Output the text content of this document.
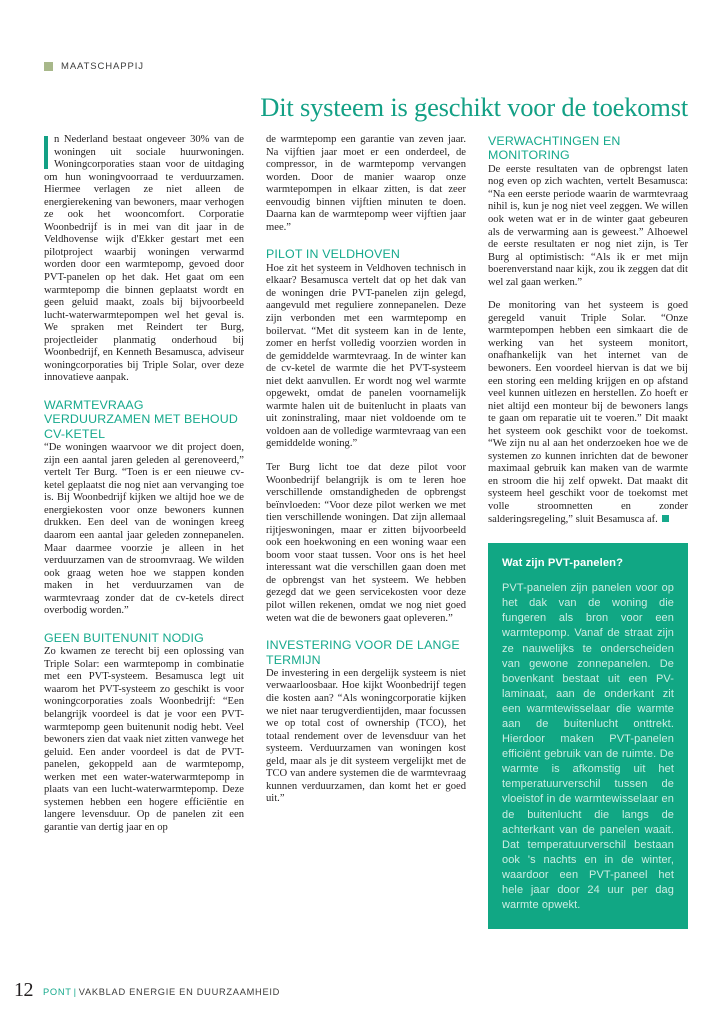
MAATSCHAPPIJ
Dit systeem is geschikt voor de toekomst

n Nederland bestaat ongeveer 30% van de woningen uit sociale huurwoningen. Woningcorporaties staan voor de uitdaging om hun woningvoorraad te verduurzamen. Hiermee verlagen ze niet alleen de energierekening van bewoners, maar verhogen ze ook het wooncomfort. Corporatie Woonbedrijf is in mei van dit jaar in de Veldhovense wijk d'Ekker gestart met een pilotproject waarbij woningen verwarmd worden door een warmtepomp, gevoed door PVT-panelen op het dak. Het gaat om een warmtepomp die binnen geplaatst wordt en geen geluid maakt, zoals bij bijvoorbeeld lucht-waterwarmtepompen wel het geval is. We spraken met Reindert ter Burg, projectleider planmatig onderhoud bij Woonbedrijf, en Kenneth Besamusca, adviseur woningcorporaties bij Triple Solar, over deze innovatieve aanpak.

WARMTEVRAAG VERDUURZAMEN MET BEHOUD CV-KETEL

“De woningen waarvoor we dit project doen, zijn een aantal jaren geleden al gerenoveerd,” vertelt Ter Burg. “Toen is er een nieuwe cv-ketel geplaatst die nog niet aan vervanging toe is. Bij Woonbedrijf kijken we altijd hoe we de energiekosten voor onze bewoners kunnen drukken. Een deel van de woningen kreeg daarom een aantal jaar geleden zonnepanelen. Maar daarmee voorzie je alleen in het verduurzamen van de stroomvraag. We wilden ook graag weten hoe we stappen konden maken in het verduurzamen van de warmtevraag zonder dat de cv-ketels direct overbodig worden.”

GEEN BUITENUNIT NODIG

Zo kwamen ze terecht bij een oplossing van Triple Solar: een warmtepomp in combinatie met een PVT-systeem. Besamusca legt uit waarom het PVT-systeem zo geschikt is voor woningcorporaties zoals Woonbedrijf: “Een belangrijk voordeel is dat je voor een PVT-warmtepomp geen buitenunit nodig hebt. Veel bewoners zien dat vaak niet zitten vanwege het geluid. Een ander voordeel is dat de PVT-panelen, gekoppeld aan de warmtepomp, werken met een water-waterwarmtepomp in plaats van een lucht-waterwarmtepomp. Deze systemen hebben een hogere efficiëntie en langere levensduur. Op de panelen zit een garantie van dertig jaar en op

de warmtepomp een garantie van zeven jaar. Na vijftien jaar moet er een onderdeel, de compressor, in de warmtepomp vervangen worden. Door de manier waarop onze warmtepompen in elkaar zitten, is dat zeer eenvoudig binnen vijftien minuten te doen. Daarna kan de warmtepomp weer vijftien jaar mee.”

PILOT IN VELDHOVEN

Hoe zit het systeem in Veldhoven technisch in elkaar? Besamusca vertelt dat op het dak van de woningen drie PVT-panelen zijn gelegd, aangevuld met reguliere zonnepanelen. Deze zijn verbonden met een warmtepomp en boilervat. “Met dit systeem kan in de lente, zomer en herfst volledig voorzien worden in de gemiddelde warmtevraag. In de winter kan de cv-ketel de warmte die het PVT-systeem niet dekt aanvullen. Er wordt nog wel warmte opgewekt, omdat de panelen voornamelijk warmte halen uit de buitenlucht in plaats van uit zoninstraling, maar niet voldoende om te voldoen aan de volledige warmtevraag van een gemiddelde woning.”

Ter Burg licht toe dat deze pilot voor Woonbedrijf belangrijk is om te leren hoe verschillende omstandigheden de opbrengst beïnvloeden: “Voor deze pilot werken we met tien verschillende woningen. Dat zijn allemaal rijtjeswoningen, maar er zitten bijvoorbeeld ook een hoekwoning en een woning waar een boom voor staat tussen. Voor ons is het heel interessant wat die verschillen gaan doen met de opbrengst van het systeem. We hebben gezegd dat we geen servicekosten voor deze pilot willen rekenen, omdat we nog niet goed weten wat die de bewoners gaat opleveren.”

INVESTERING VOOR DE LANGE TERMIJN

De investering in een dergelijk systeem is niet verwaarloosbaar. Hoe kijkt Woonbedrijf tegen die kosten aan? “Als woningcorporatie kijken we niet naar terugverdientijden, maar focussen we op total cost of ownership (TCO), het totaal rendement over de levensduur van het systeem. Verduurzamen van woningen kost geld, maar als je dit systeem vergelijkt met de TCO van andere systemen die de warmtevraag kunnen verduurzamen, dan komt het er goed uit.”

VERWACHTINGEN EN MONITORING

De eerste resultaten van de opbrengst laten nog even op zich wachten, vertelt Besamusca: “Na een eerste periode waarin de warmtevraag nihil is, kun je nog niet veel zeggen. We willen ook weten wat er in de winter gaat gebeuren als de verwarming aan is geweest.” Alhoewel de eerste resultaten er nog niet zijn, is Ter Burg al optimistisch: “Als ik er met mijn boerenverstand naar kijk, zou ik zeggen dat dit wel zal gaan werken.”

De monitoring van het systeem is goed geregeld vanuit Triple Solar. “Onze warmtepompen hebben een simkaart die de werking van het systeem monitort, onafhankelijk van het internet van de bewoners. Een voordeel hiervan is dat we bij een storing een melding krijgen en op afstand veel kunnen uitlezen en herstellen. Zo hoeft er niet altijd een monteur bij de bewoners langs te gaan om reparatie uit te voeren.” Dit maakt het systeem ook geschikt voor de toekomst. “We zijn nu al aan het onderzoeken hoe we de systemen zo kunnen inrichten dat de bewoner maximaal gebruik kan maken van de warmte en stroom die hij zelf opwekt. Dat maakt dit systeem heel geschikt voor de toekomst met volle stroomnetten en zonder salderingsregeling,” sluit Besamusca af.

Wat zijn PVT-panelen?

PVT-panelen zijn panelen voor op het dak van de woning die fungeren als bron voor een warmtepomp. Vanaf de straat zijn ze nauwelijks te onderscheiden van gewone zonnepanelen. De bovenkant bestaat uit een PV-laminaat, aan de onderkant zit een warmtewisselaar die warmte aan de buitenlucht onttrekt. Hierdoor maken PVT-panelen efficiënt gebruik van de ruimte. De warmte is afkomstig uit het temperatuurverschil tussen de vloeistof in de warmtewisselaar en de buitenlucht die langs de achterkant van de panelen waait. Dat temperatuurverschil bestaan ook 's nachts en in de winter, waardoor een PVT-paneel het hele jaar door 24 uur per dag warmte opwekt.

12 PONT | VAKBLAD ENERGIE EN DUURZAAMHEID
